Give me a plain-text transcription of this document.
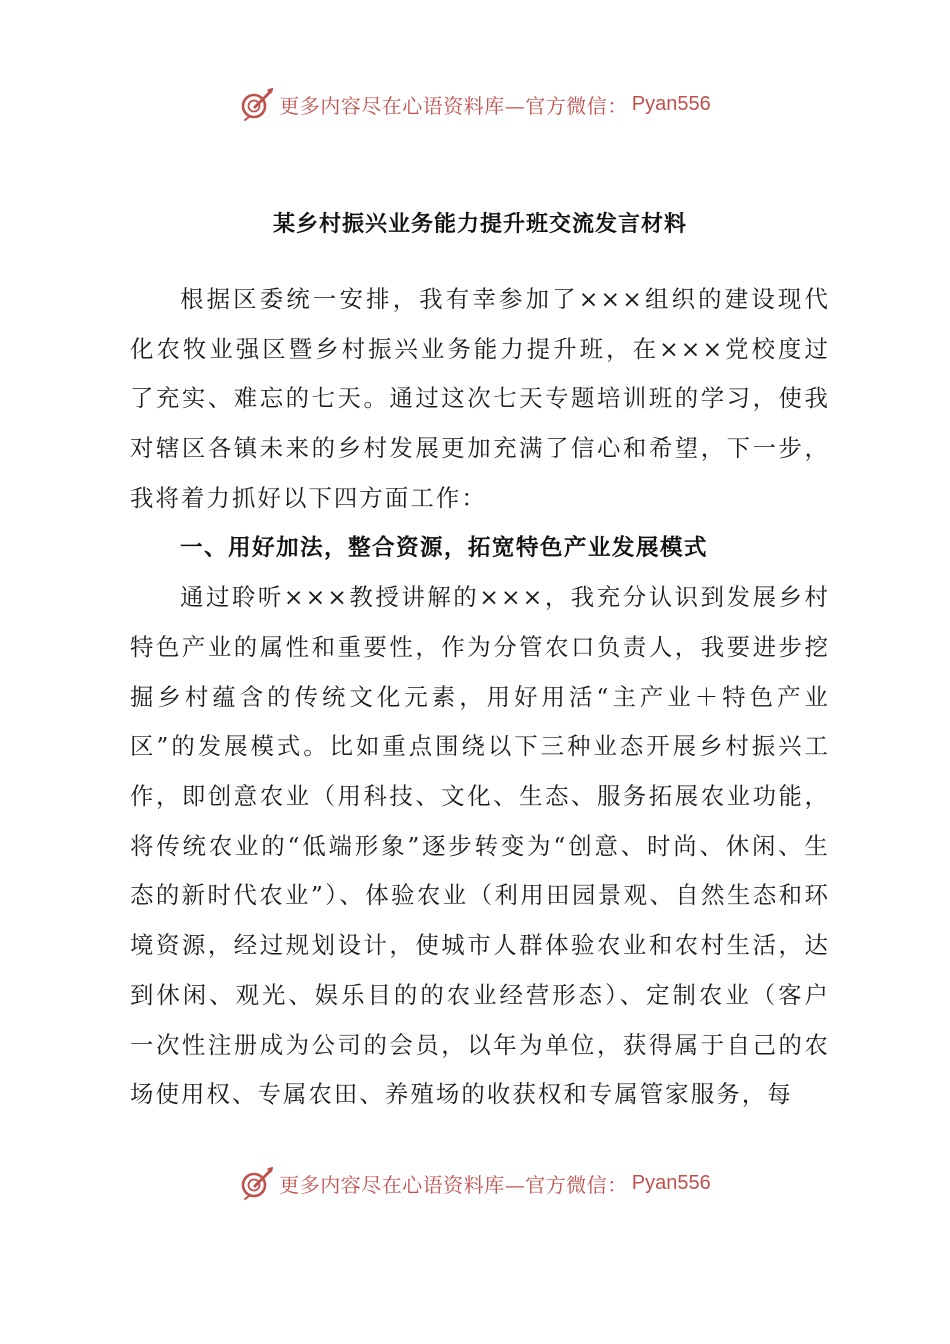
更多内容尽在心语资料库—官方微信： Pyan556
某乡村振兴业务能力提升班交流发言材料

根据区委统一安排，我有幸参加了×××组织的建设现代化农牧业强区暨乡村振兴业务能力提升班，在×××党校度过了充实、难忘的七天。通过这次七天专题培训班的学习，使我对辖区各镇未来的乡村发展更加充满了信心和希望，下一步，我将着力抓好以下四方面工作：

一、用好加法，整合资源，拓宽特色产业发展模式

通过聆听×××教授讲解的×××，我充分认识到发展乡村特色产业的属性和重要性，作为分管农口负责人，我要进步挖掘乡村蕴含的传统文化元素，用好用活“主产业＋特色产业区”的发展模式。比如重点围绕以下三种业态开展乡村振兴工作，即创意农业（用科技、文化、生态、服务拓展农业功能，将传统农业的“低端形象”逐步转变为“创意、时尚、休闲、生态的新时代农业”）、体验农业（利用田园景观、自然生态和环境资源，经过规划设计，使城市人群体验农业和农村生活，达到休闲、观光、娱乐目的的农业经营形态）、定制农业（客户一次性注册成为公司的会员，以年为单位，获得属于自己的农场使用权、专属农田、养殖场的收获权和专属管家服务，每

更多内容尽在心语资料库—官方微信： Pyan556
